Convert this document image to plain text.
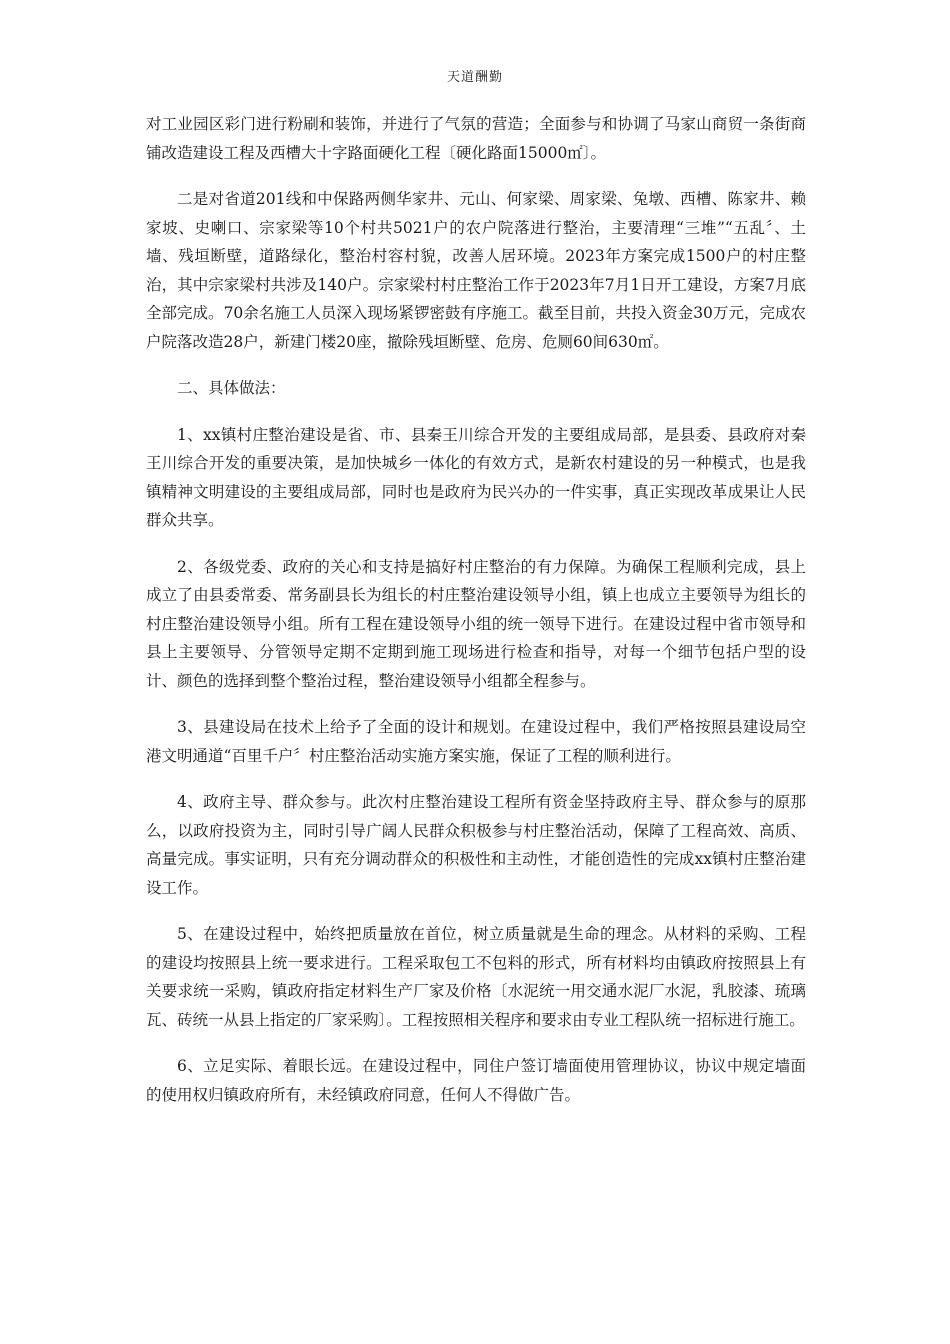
天道酬勤

对工业园区彩门进行粉刷和装饰，并进行了气氛的营造；全面参与和协调了马家山商贸一条街商铺改造建设工程及西槽大十字路面硬化工程〔硬化路面15000㎡〕。

二是对省道201线和中保路两侧华家井、元山、何家梁、周家梁、兔墩、西槽、陈家井、赖家坡、史喇口、宗家梁等10个村共5021户的农户院落进行整治，主要清理“三堆”“五乱〞、土墙、残垣断壁，道路绿化，整治村容村貌，改善人居环境。2023年方案完成1500户的村庄整治，其中宗家梁村共涉及140户。宗家梁村村庄整治工作于2023年7月1日开工建设，方案7月底全部完成。70余名施工人员深入现场紧锣密鼓有序施工。截至目前，共投入资金30万元，完成农户院落改造28户，新建门楼20座，撤除残垣断壁、危房、危厕60间630㎡。

二、具体做法：

1、xx镇村庄整治建设是省、市、县秦王川综合开发的主要组成局部，是县委、县政府对秦王川综合开发的重要决策，是加快城乡一体化的有效方式，是新农村建设的另一种模式，也是我镇精神文明建设的主要组成局部，同时也是政府为民兴办的一件实事，真正实现改革成果让人民群众共享。

2、各级党委、政府的关心和支持是搞好村庄整治的有力保障。为确保工程顺利完成，县上成立了由县委常委、常务副县长为组长的村庄整治建设领导小组，镇上也成立主要领导为组长的村庄整治建设领导小组。所有工程在建设领导小组的统一领导下进行。在建设过程中省市领导和县上主要领导、分管领导定期不定期到施工现场进行检查和指导，对每一个细节包括户型的设计、颜色的选择到整个整治过程，整治建设领导小组都全程参与。

3、县建设局在技术上给予了全面的设计和规划。在建设过程中，我们严格按照县建设局空港文明通道“百里千户〞村庄整治活动实施方案实施，保证了工程的顺利进行。

4、政府主导、群众参与。此次村庄整治建设工程所有资金坚持政府主导、群众参与的原那么，以政府投资为主，同时引导广阔人民群众积极参与村庄整治活动，保障了工程高效、高质、高量完成。事实证明，只有充分调动群众的积极性和主动性，才能创造性的完成xx镇村庄整治建设工作。

5、在建设过程中，始终把质量放在首位，树立质量就是生命的理念。从材料的采购、工程的建设均按照县上统一要求进行。工程采取包工不包料的形式，所有材料均由镇政府按照县上有关要求统一采购，镇政府指定材料生产厂家及价格〔水泥统一用交通水泥厂水泥，乳胶漆、琉璃瓦、砖统一从县上指定的厂家采购〕。工程按照相关程序和要求由专业工程队统一招标进行施工。

6、立足实际、着眼长远。在建设过程中，同住户签订墙面使用管理协议，协议中规定墙面的使用权归镇政府所有，未经镇政府同意，任何人不得做广告。
